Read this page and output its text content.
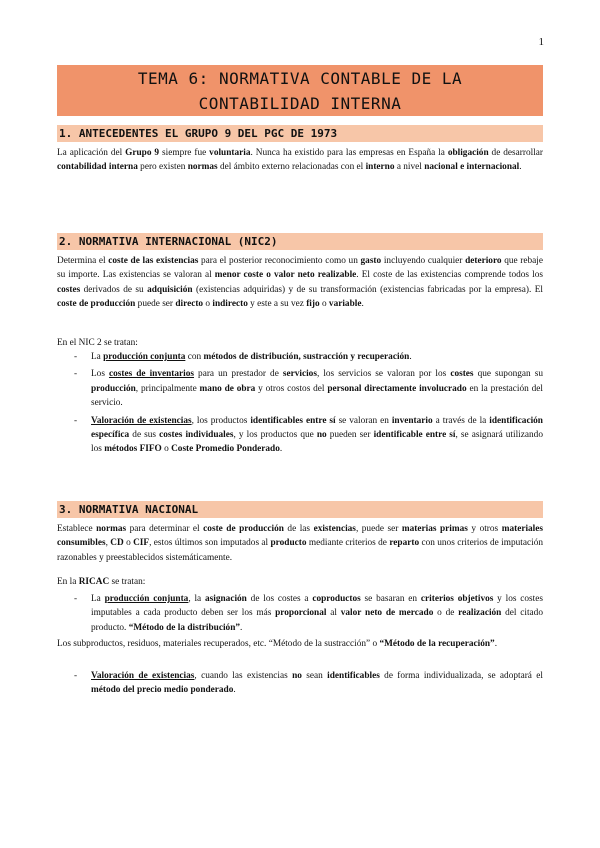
1
TEMA 6: NORMATIVA CONTABLE DE LA CONTABILIDAD INTERNA
1. ANTECEDENTES EL GRUPO 9 DEL PGC DE 1973
La aplicación del Grupo 9 siempre fue voluntaria. Nunca ha existido para las empresas en España la obligación de desarrollar contabilidad interna pero existen normas del ámbito externo relacionadas con el interno a nivel nacional e internacional.
2. NORMATIVA INTERNACIONAL (NIC2)
Determina el coste de las existencias para el posterior reconocimiento como un gasto incluyendo cualquier deterioro que rebaje su importe. Las existencias se valoran al menor coste o valor neto realizable. El coste de las existencias comprende todos los costes derivados de su adquisición (existencias adquiridas) y de su transformación (existencias fabricadas por la empresa). El coste de producción puede ser directo o indirecto y este a su vez fijo o variable.
En el NIC 2 se tratan:
- La producción conjunta con métodos de distribución, sustracción y recuperación.
- Los costes de inventarios para un prestador de servicios, los servicios se valoran por los costes que supongan su producción, principalmente mano de obra y otros costos del personal directamente involucrado en la prestación del servicio.
- Valoración de existencias, los productos identificables entre sí se valoran en inventario a través de la identificación específica de sus costes individuales, y los productos que no pueden ser identificable entre sí, se asignará utilizando los métodos FIFO o Coste Promedio Ponderado.
3. NORMATIVA NACIONAL
Establece normas para determinar el coste de producción de las existencias, puede ser materias primas y otros materiales consumibles, CD o CIF, estos últimos son imputados al producto mediante criterios de reparto con unos criterios de imputación razonables y preestablecidos sistemáticamente.
En la RICAC se tratan:
- La producción conjunta, la asignación de los costes a coproductos se basaran en criterios objetivos y los costes imputables a cada producto deben ser los más proporcional al valor neto de mercado o de realización del citado producto. “Método de la distribución”.
Los subproductos, residuos, materiales recuperados, etc. “Método de la sustracción” o “Método de la recuperación”.
- Valoración de existencias, cuando las existencias no sean identificables de forma individualizada, se adoptará el método del precio medio ponderado.
